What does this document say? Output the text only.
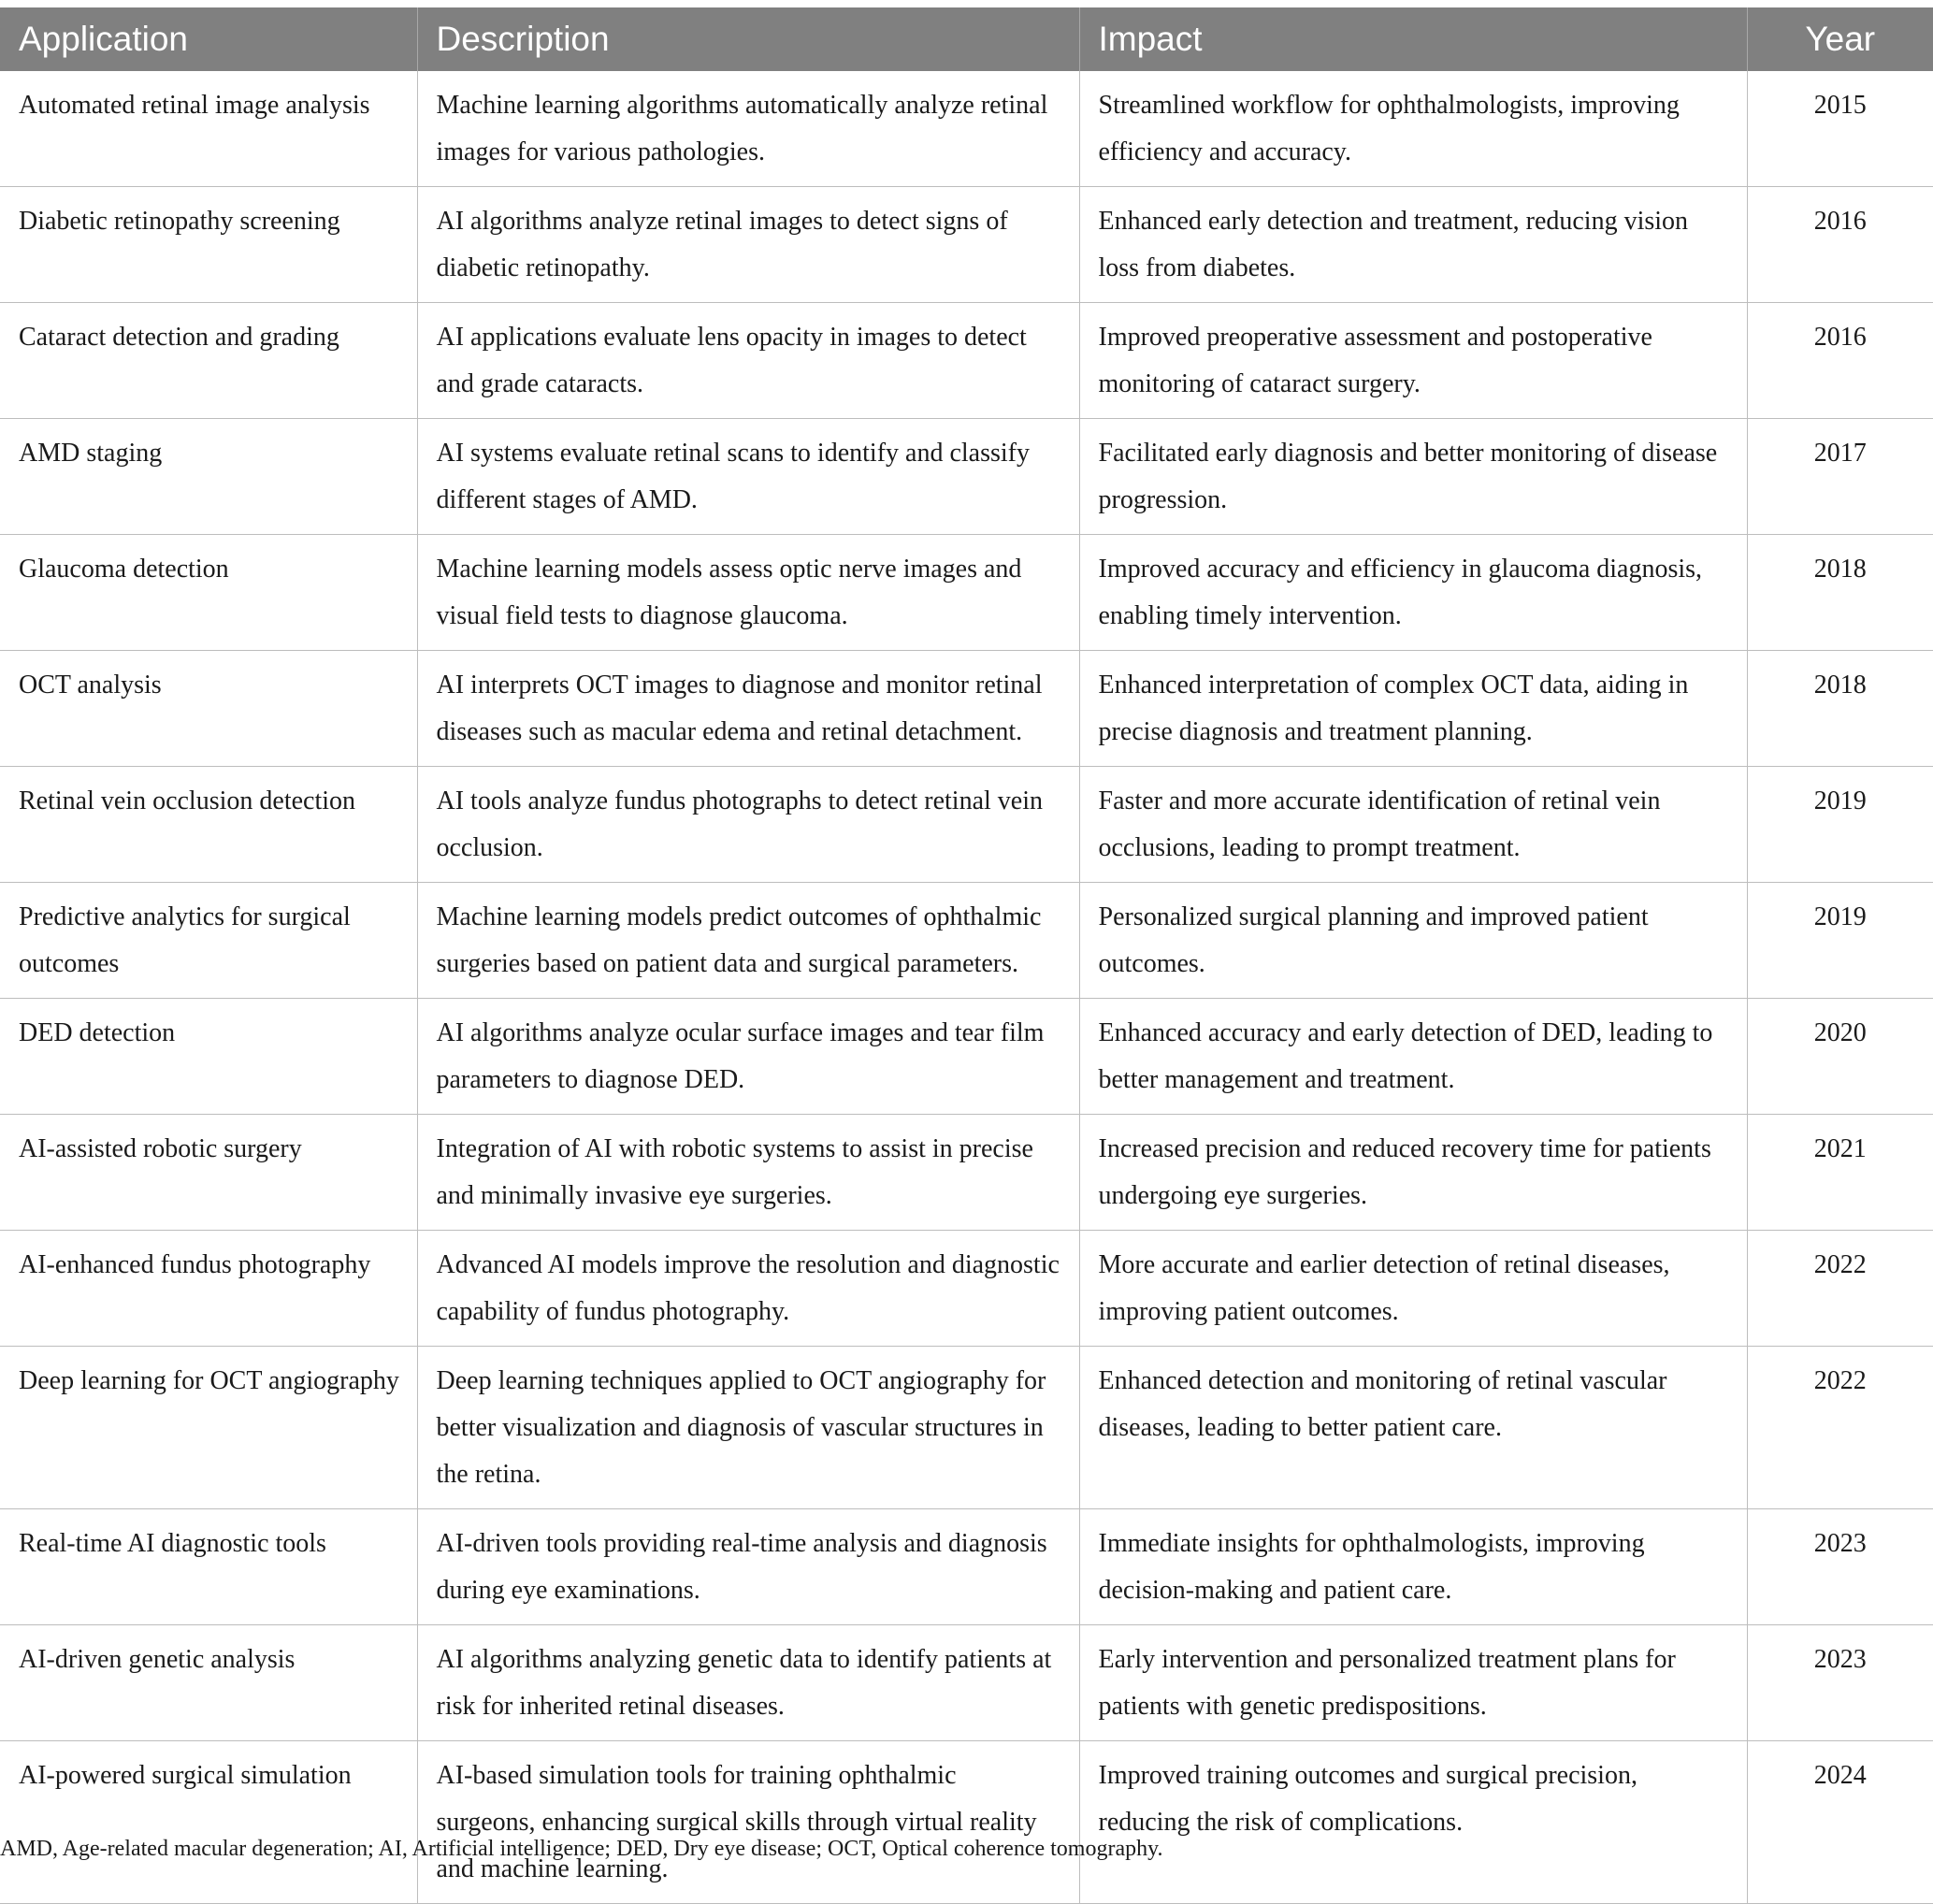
Application	Description	Impact	Year
Automated retinal image analysis	Machine learning algorithms automatically analyze retinal images for various pathologies.	Streamlined workflow for ophthalmologists, improving efficiency and accuracy.	2015
Diabetic retinopathy screening	AI algorithms analyze retinal images to detect signs of diabetic retinopathy.	Enhanced early detection and treatment, reducing vision loss from diabetes.	2016
Cataract detection and grading	AI applications evaluate lens opacity in images to detect and grade cataracts.	Improved preoperative assessment and postoperative monitoring of cataract surgery.	2016
AMD staging	AI systems evaluate retinal scans to identify and classify different stages of AMD.	Facilitated early diagnosis and better monitoring of disease progression.	2017
Glaucoma detection	Machine learning models assess optic nerve images and visual field tests to diagnose glaucoma.	Improved accuracy and efficiency in glaucoma diagnosis, enabling timely intervention.	2018
OCT analysis	AI interprets OCT images to diagnose and monitor retinal diseases such as macular edema and retinal detachment.	Enhanced interpretation of complex OCT data, aiding in precise diagnosis and treatment planning.	2018
Retinal vein occlusion detection	AI tools analyze fundus photographs to detect retinal vein occlusion.	Faster and more accurate identification of retinal vein occlusions, leading to prompt treatment.	2019
Predictive analytics for surgical outcomes	Machine learning models predict outcomes of ophthalmic surgeries based on patient data and surgical parameters.	Personalized surgical planning and improved patient outcomes.	2019
DED detection	AI algorithms analyze ocular surface images and tear film parameters to diagnose DED.	Enhanced accuracy and early detection of DED, leading to better management and treatment.	2020
AI-assisted robotic surgery	Integration of AI with robotic systems to assist in precise and minimally invasive eye surgeries.	Increased precision and reduced recovery time for patients undergoing eye surgeries.	2021
AI-enhanced fundus photography	Advanced AI models improve the resolution and diagnostic capability of fundus photography.	More accurate and earlier detection of retinal diseases, improving patient outcomes.	2022
Deep learning for OCT angiography	Deep learning techniques applied to OCT angiography for better visualization and diagnosis of vascular structures in the retina.	Enhanced detection and monitoring of retinal vascular diseases, leading to better patient care.	2022
Real-time AI diagnostic tools	AI-driven tools providing real-time analysis and diagnosis during eye examinations.	Immediate insights for ophthalmologists, improving decision-making and patient care.	2023
AI-driven genetic analysis	AI algorithms analyzing genetic data to identify patients at risk for inherited retinal diseases.	Early intervention and personalized treatment plans for patients with genetic predispositions.	2023
AI-powered surgical simulation	AI-based simulation tools for training ophthalmic surgeons, enhancing surgical skills through virtual reality and machine learning.	Improved training outcomes and surgical precision, reducing the risk of complications.	2024
AMD, Age-related macular degeneration; AI, Artificial intelligence; DED, Dry eye disease; OCT, Optical coherence tomography.
